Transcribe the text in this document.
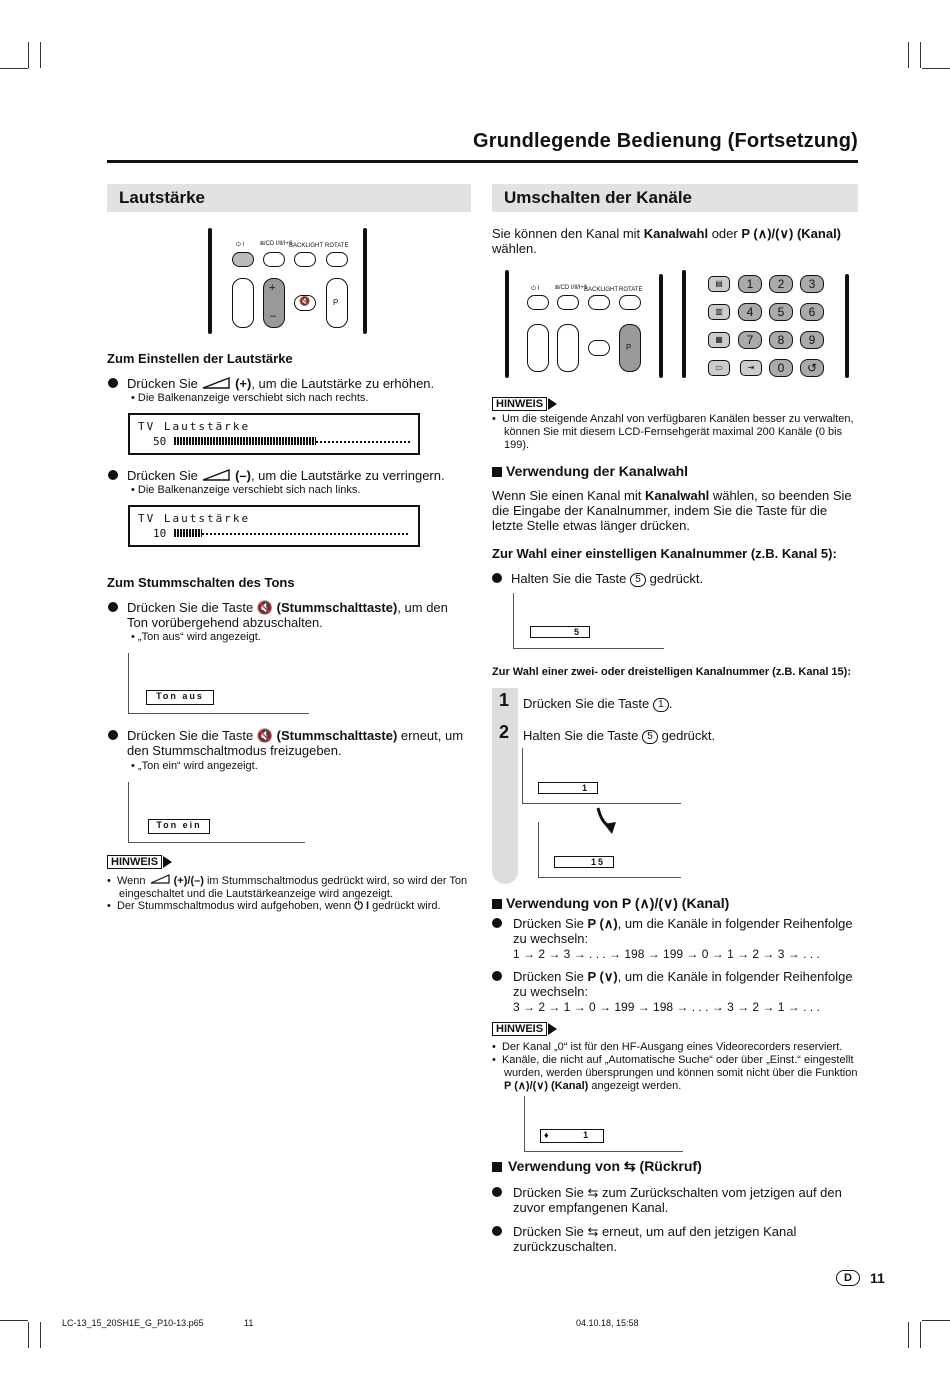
Grundlegende Bedienung (Fortsetzung)
Lautstärke
⏻ I	⧈/CD I/Ⅱ/I+Ⅱ
BACKLIGHT ROTATE
+
–
🔇	P
Zum Einstellen der Lautstärke
Drücken Sie	(+), um die Lautstärke zu erhöhen.
• Die Balkenanzeige verschiebt sich nach rechts.
TV Lautstärke
50
Drücken Sie	(–), um die Lautstärke zu verringern.
• Die Balkenanzeige verschiebt sich nach links.
TV Lautstärke
10
Zum Stummschalten des Tons
Drücken Sie die Taste 🔇 (Stummschalttaste), um den Ton vorübergehend abzuschalten.
• „Ton aus“ wird angezeigt.
Ton aus
Drücken Sie die Taste 🔇 (Stummschalttaste) erneut, um den Stummschaltmodus freizugeben.
• „Ton ein“ wird angezeigt.
Ton ein
HINWEIS
•  Wenn	(+)/(–) im Stummschaltmodus gedrückt wird, so wird der Ton eingeschaltet und die Lautstärkeanzeige wird angezeigt.
•  Der Stummschaltmodus wird aufgehoben, wenn ⏻ I gedrückt wird.
Umschalten der Kanäle
Sie können den Kanal mit Kanalwahl oder P (∧)/(∨) (Kanal) wählen.
⏻ I	⧈/CD I/Ⅱ/I+Ⅱ
BACKLIGHT ROTATE
P
▤
▥
▦
▭
1	2	3
4	5	6
7	8	9
⇥	0	↺
HINWEIS
•  Um die steigende Anzahl von verfügbaren Kanälen besser zu verwalten, können Sie mit diesem LCD-Fernsehgerät maximal 200 Kanäle (0 bis 199).
Verwendung der Kanalwahl
Wenn Sie einen Kanal mit Kanalwahl wählen, so beenden Sie die Eingabe der Kanalnummer, indem Sie die Taste für die letzte Stelle etwas länger drücken.
Zur Wahl einer einstelligen Kanalnummer (z.B. Kanal 5):
Halten Sie die Taste 5 gedrückt.
5
Zur Wahl einer zwei- oder dreistelligen Kanalnummer (z.B. Kanal 15):
1 Drücken Sie die Taste 1 .
2 Halten Sie die Taste 5 gedrückt.
1
15
Verwendung von P (∧)/(∨) (Kanal)
Drücken Sie P (∧), um die Kanäle in folgender Reihenfolge zu wechseln:
1 → 2 → 3 → . . . → 198 → 199 → 0 → 1 → 2 → 3 → . . .
Drücken Sie P (∨), um die Kanäle in folgender Reihenfolge zu wechseln:
3 → 2 → 1 → 0 → 199 → 198 → . . . → 3 → 2 → 1 → . . .
HINWEIS
•  Der Kanal „0“ ist für den HF-Ausgang eines Videorecorders reserviert.
•  Kanäle, die nicht auf „Automatische Suche“ oder über „Einst.“ eingestellt wurden, werden übersprungen und können somit nicht über die Funktion P (∧)/(∨) (Kanal) angezeigt werden.
♦	1
Verwendung von ⇆ (Rückruf)
Drücken Sie ⇆ zum Zurückschalten vom jetzigen auf den zuvor empfangenen Kanal.
Drücken Sie ⇆ erneut, um auf den jetzigen Kanal zurückzuschalten.
D	11
LC-13_15_20SH1E_G_P10-13.p65	11	04.10.18, 15:58
